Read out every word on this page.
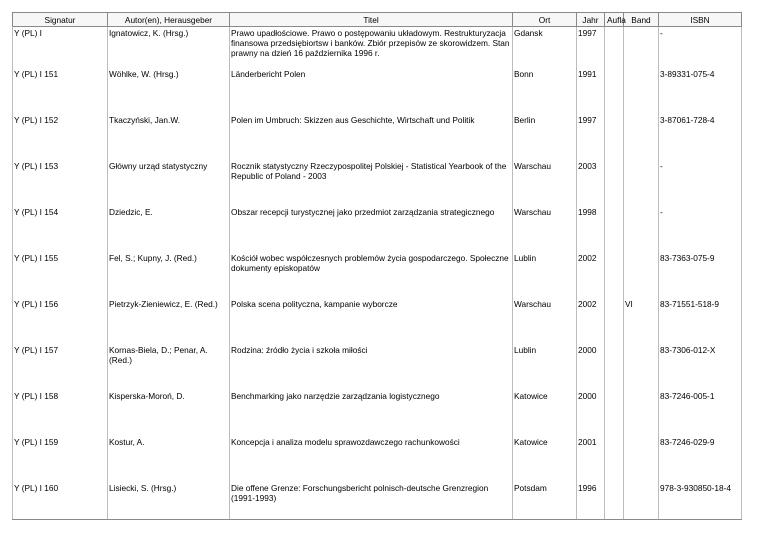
Signatur	Autor(en), Herausgeber	Titel	Ort	Jahr	Aufla	Band	ISBN
Y (PL) I	Ignatowicz, K. (Hrsg.)	Prawo upadłościowe. Prawo o postępowaniu układowym. Restrukturyzacja finansowa przedsiębiortsw i banków. Zbiór przepisów ze skorowidzem. Stan prawny na dzień 16 października 1996 r.	Gdansk	1997			-
Y (PL) I 151	Wöhlke, W. (Hrsg.)	Länderbericht Polen	Bonn	1991			3-89331-075-4
Y (PL) I 152	Tkaczyński, Jan.W.	Polen im Umbruch: Skizzen aus Geschichte, Wirtschaft und Politik	Berlin	1997			3-87061-728-4
Y (PL) I 153	Główny urząd statystyczny	Rocznik statystyczny Rzeczypospolitej Polskiej - Statistical Yearbook of the Republic of Poland - 2003	Warschau	2003			-
Y (PL) I 154	Dziedzic, E.	Obszar recepcji turystycznej jako przedmiot zarządzania strategicznego	Warschau	1998			-
Y (PL) I 155	Fel, S.; Kupny, J. (Red.)	Kościół wobec współczesnych problemów życia gospodarczego. Społeczne dokumenty episkopatów	Lublin	2002			83-7363-075-9
Y (PL) I 156	Pietrzyk-Zieniewicz, E. (Red.)	Polska scena polityczna, kampanie wyborcze	Warschau	2002		VI	83-71551-518-9
Y (PL) I 157	Kornas-Biela, D.; Penar, A. (Red.)	Rodzina: źródło życia i szkoła miłości	Lublin	2000			83-7306-012-X
Y (PL) I 158	Kisperska-Moroń, D.	Benchmarking jako narzędzie zarządzania logistycznego	Katowice	2000			83-7246-005-1
Y (PL) I 159	Kostur, A.	Koncepcja i analiza modelu sprawozdawczego rachunkowości	Katowice	2001			83-7246-029-9
Y (PL) I 160	Lisiecki, S. (Hrsg.)	Die offene Grenze: Forschungsbericht polnisch-deutsche Grenzregion (1991-1993)	Potsdam	1996			978-3-930850-18-4
